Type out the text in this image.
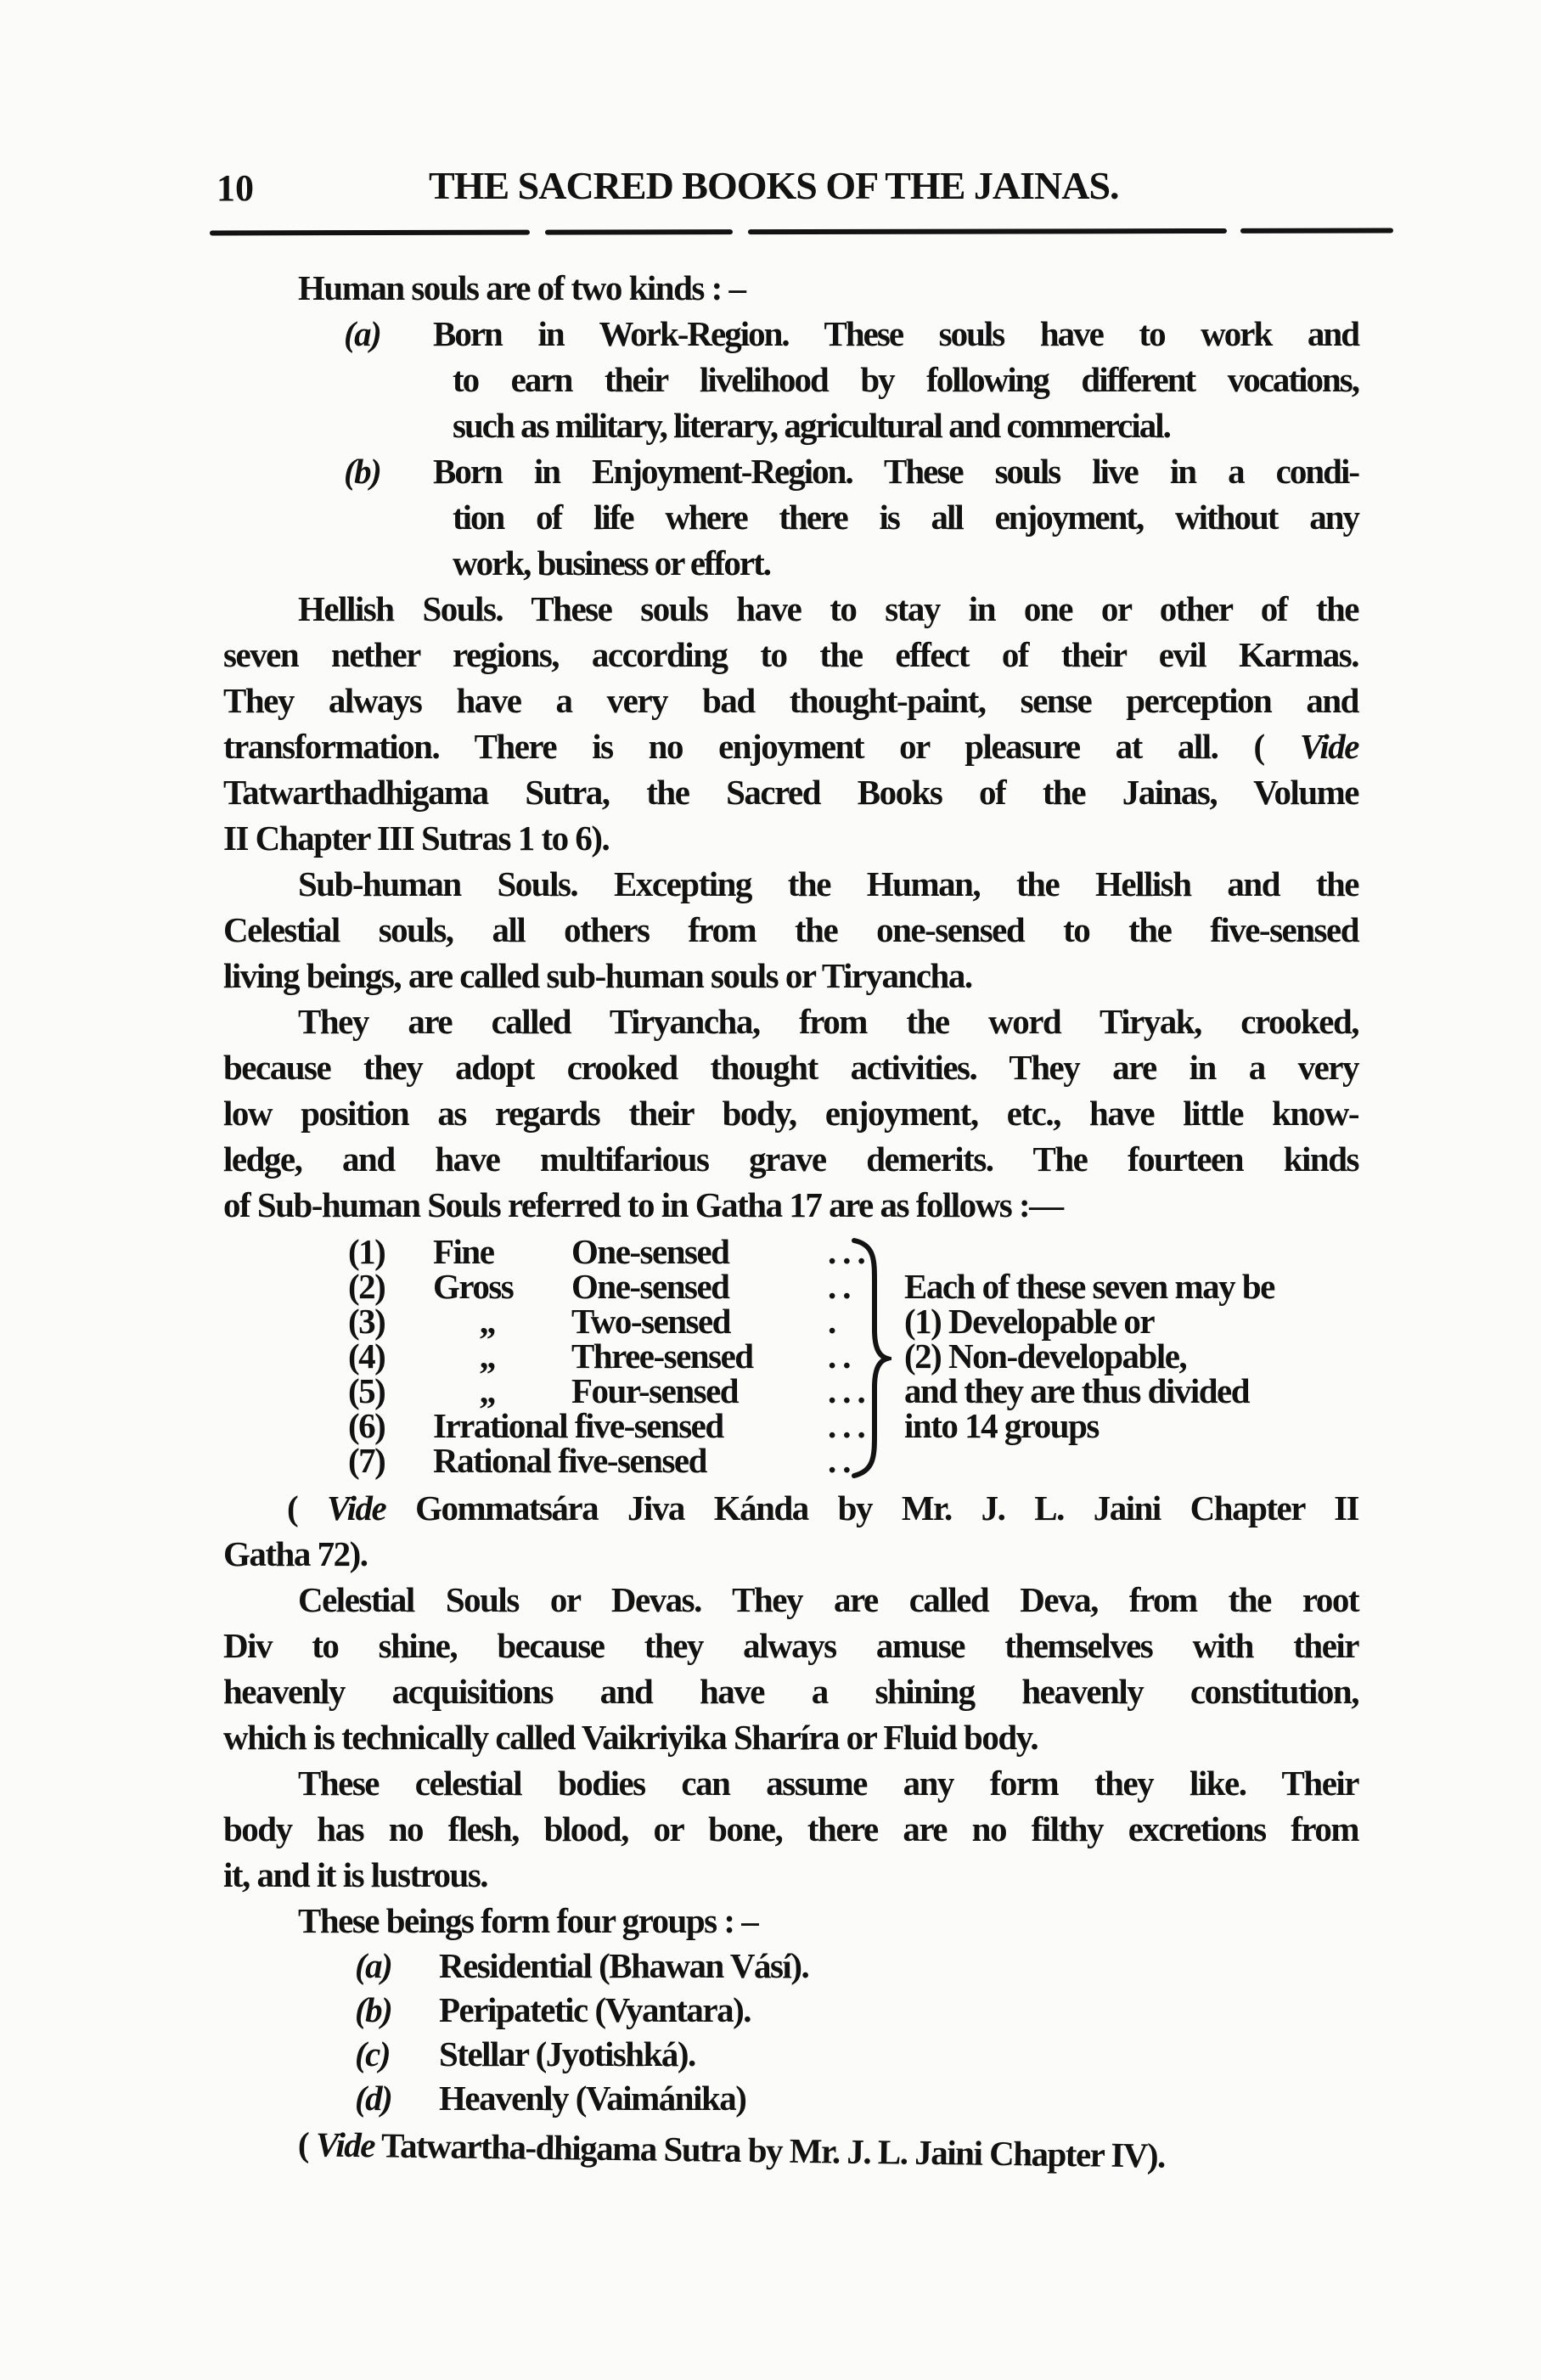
10	THE SACRED BOOKS OF THE JAINAS.
Human souls are of two kinds : –
(a) Born in Work-Region. These souls have to work and
to earn their livelihood by following different vocations,
such as military, literary, agricultural and commercial.
(b) Born in Enjoyment-Region. These souls live in a condi-
tion of life where there is all enjoyment, without any
work, business or effort.
Hellish Souls. These souls have to stay in one or other of the
seven nether regions, according to the effect of their evil Karmas.
They always have a very bad thought-paint, sense perception and
transformation. There is no enjoyment or pleasure at all. ( Vide
Tatwarthadhigama Sutra, the Sacred Books of the Jainas, Volume
II Chapter III Sutras 1 to 6).
Sub-human Souls. Excepting the Human, the Hellish and the
Celestial souls, all others from the one-sensed to the five-sensed
living beings, are called sub-human souls or Tiryancha.
They are called Tiryancha, from the word Tiryak, crooked,
because they adopt crooked thought activities. They are in a very
low position as regards their body, enjoyment, etc., have little know-
ledge, and have multifarious grave demerits. The fourteen kinds
of Sub-human Souls referred to in Gatha 17 are as follows :—
(1) Fine One-sensed	...
(2) Gross One-sensed	..
(3)	,, Two-sensed	.
(4)	,, Three-sensed ..
(5)	,, Four-sensed	...
(6) Irrational five-sensed	...
(7) Rational five-sensed	..
Each of these seven may be
(1) Developable or
(2) Non-developable,
and they are thus divided
into 14 groups
( Vide Gommatsára Jiva Kánda by Mr. J. L. Jaini Chapter II
Gatha 72).
Celestial Souls or Devas. They are called Deva, from the root
Div to shine, because they always amuse themselves with their
heavenly acquisitions and have a shining heavenly constitution,
which is technically called Vaikriyika Sharíra or Fluid body.
These celestial bodies can assume any form they like. Their
body has no flesh, blood, or bone, there are no filthy excretions from
it, and it is lustrous.
These beings form four groups : –
(a) Residential (Bhawan Vásí).
(b) Peripatetic (Vyantara).
(c) Stellar (Jyotishká).
(d) Heavenly (Vaimánika)
( Vide Tatwartha-dhigama Sutra by Mr. J. L. Jaini Chapter IV).
